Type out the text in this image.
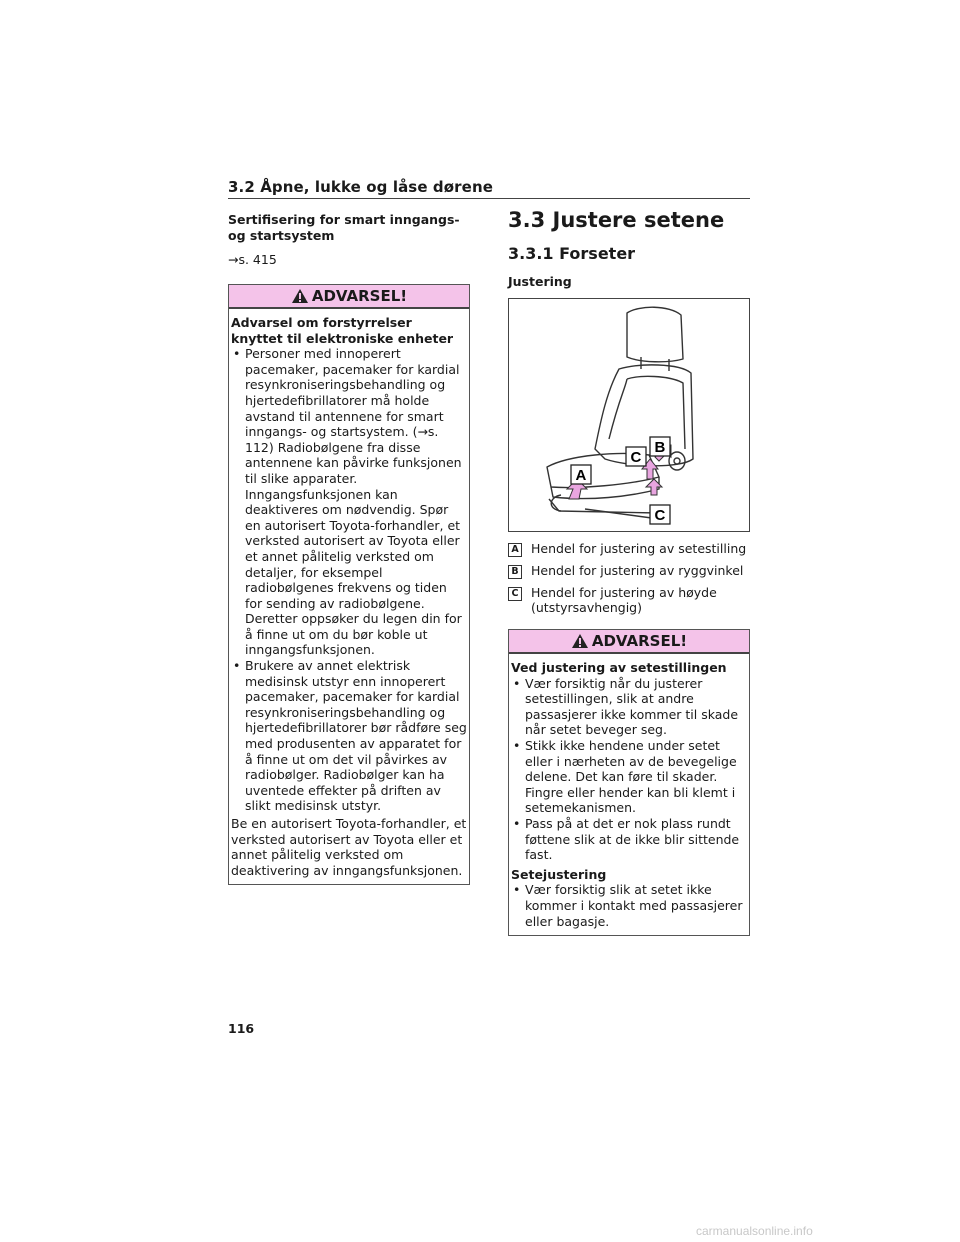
3.2 Åpne, lukke og låse dørene
Sertifisering for smart inngangs- og startsystem
→s. 415
ADVARSEL!
Advarsel om forstyrrelser knyttet til elektroniske enheter
• Personer med innoperert pacemaker, pacemaker for kardial resynkroniseringsbehandling og hjertedefibrillatorer må holde avstand til antennene for smart inngangs- og startsystem. (→s. 112) Radiobølgene fra disse antennene kan påvirke funksjonen til slike apparater. Inngangsfunksjonen kan deaktiveres om nødvendig. Spør en autorisert Toyota-forhandler, et verksted autorisert av Toyota eller et annet pålitelig verksted om detaljer, for eksempel radiobølgenes frekvens og tiden for sending av radiobølgene. Deretter oppsøker du legen din for å finne ut om du bør koble ut inngangsfunksjonen.
• Brukere av annet elektrisk medisinsk utstyr enn innoperert pacemaker, pacemaker for kardial resynkroniseringsbehandling og hjertedefibrillatorer bør rådføre seg med produsenten av apparatet for å finne ut om det vil påvirkes av radiobølger. Radiobølger kan ha uventede effekter på driften av slikt medisinsk utstyr.

Be en autorisert Toyota-forhandler, et verksted autorisert av Toyota eller et annet pålitelig verksted om deaktivering av inngangsfunksjonen.

3.3 Justere setene
3.3.1 Forseter
Justering
A
C
B
C
A Hendel for justering av setestilling
B Hendel for justering av ryggvinkel
C Hendel for justering av høyde (utstyrsavhengig)
ADVARSEL!
Ved justering av setestillingen
• Vær forsiktig når du justerer setestillingen, slik at andre passasjerer ikke kommer til skade når setet beveger seg.
• Stikk ikke hendene under setet eller i nærheten av de bevegelige delene. Det kan føre til skader. Fingre eller hender kan bli klemt i setemekanismen.
• Pass på at det er nok plass rundt føttene slik at de ikke blir sittende fast.
Setejustering
• Vær forsiktig slik at setet ikke kommer i kontakt med passasjerer eller bagasje.
116
carmanualsonline.info
